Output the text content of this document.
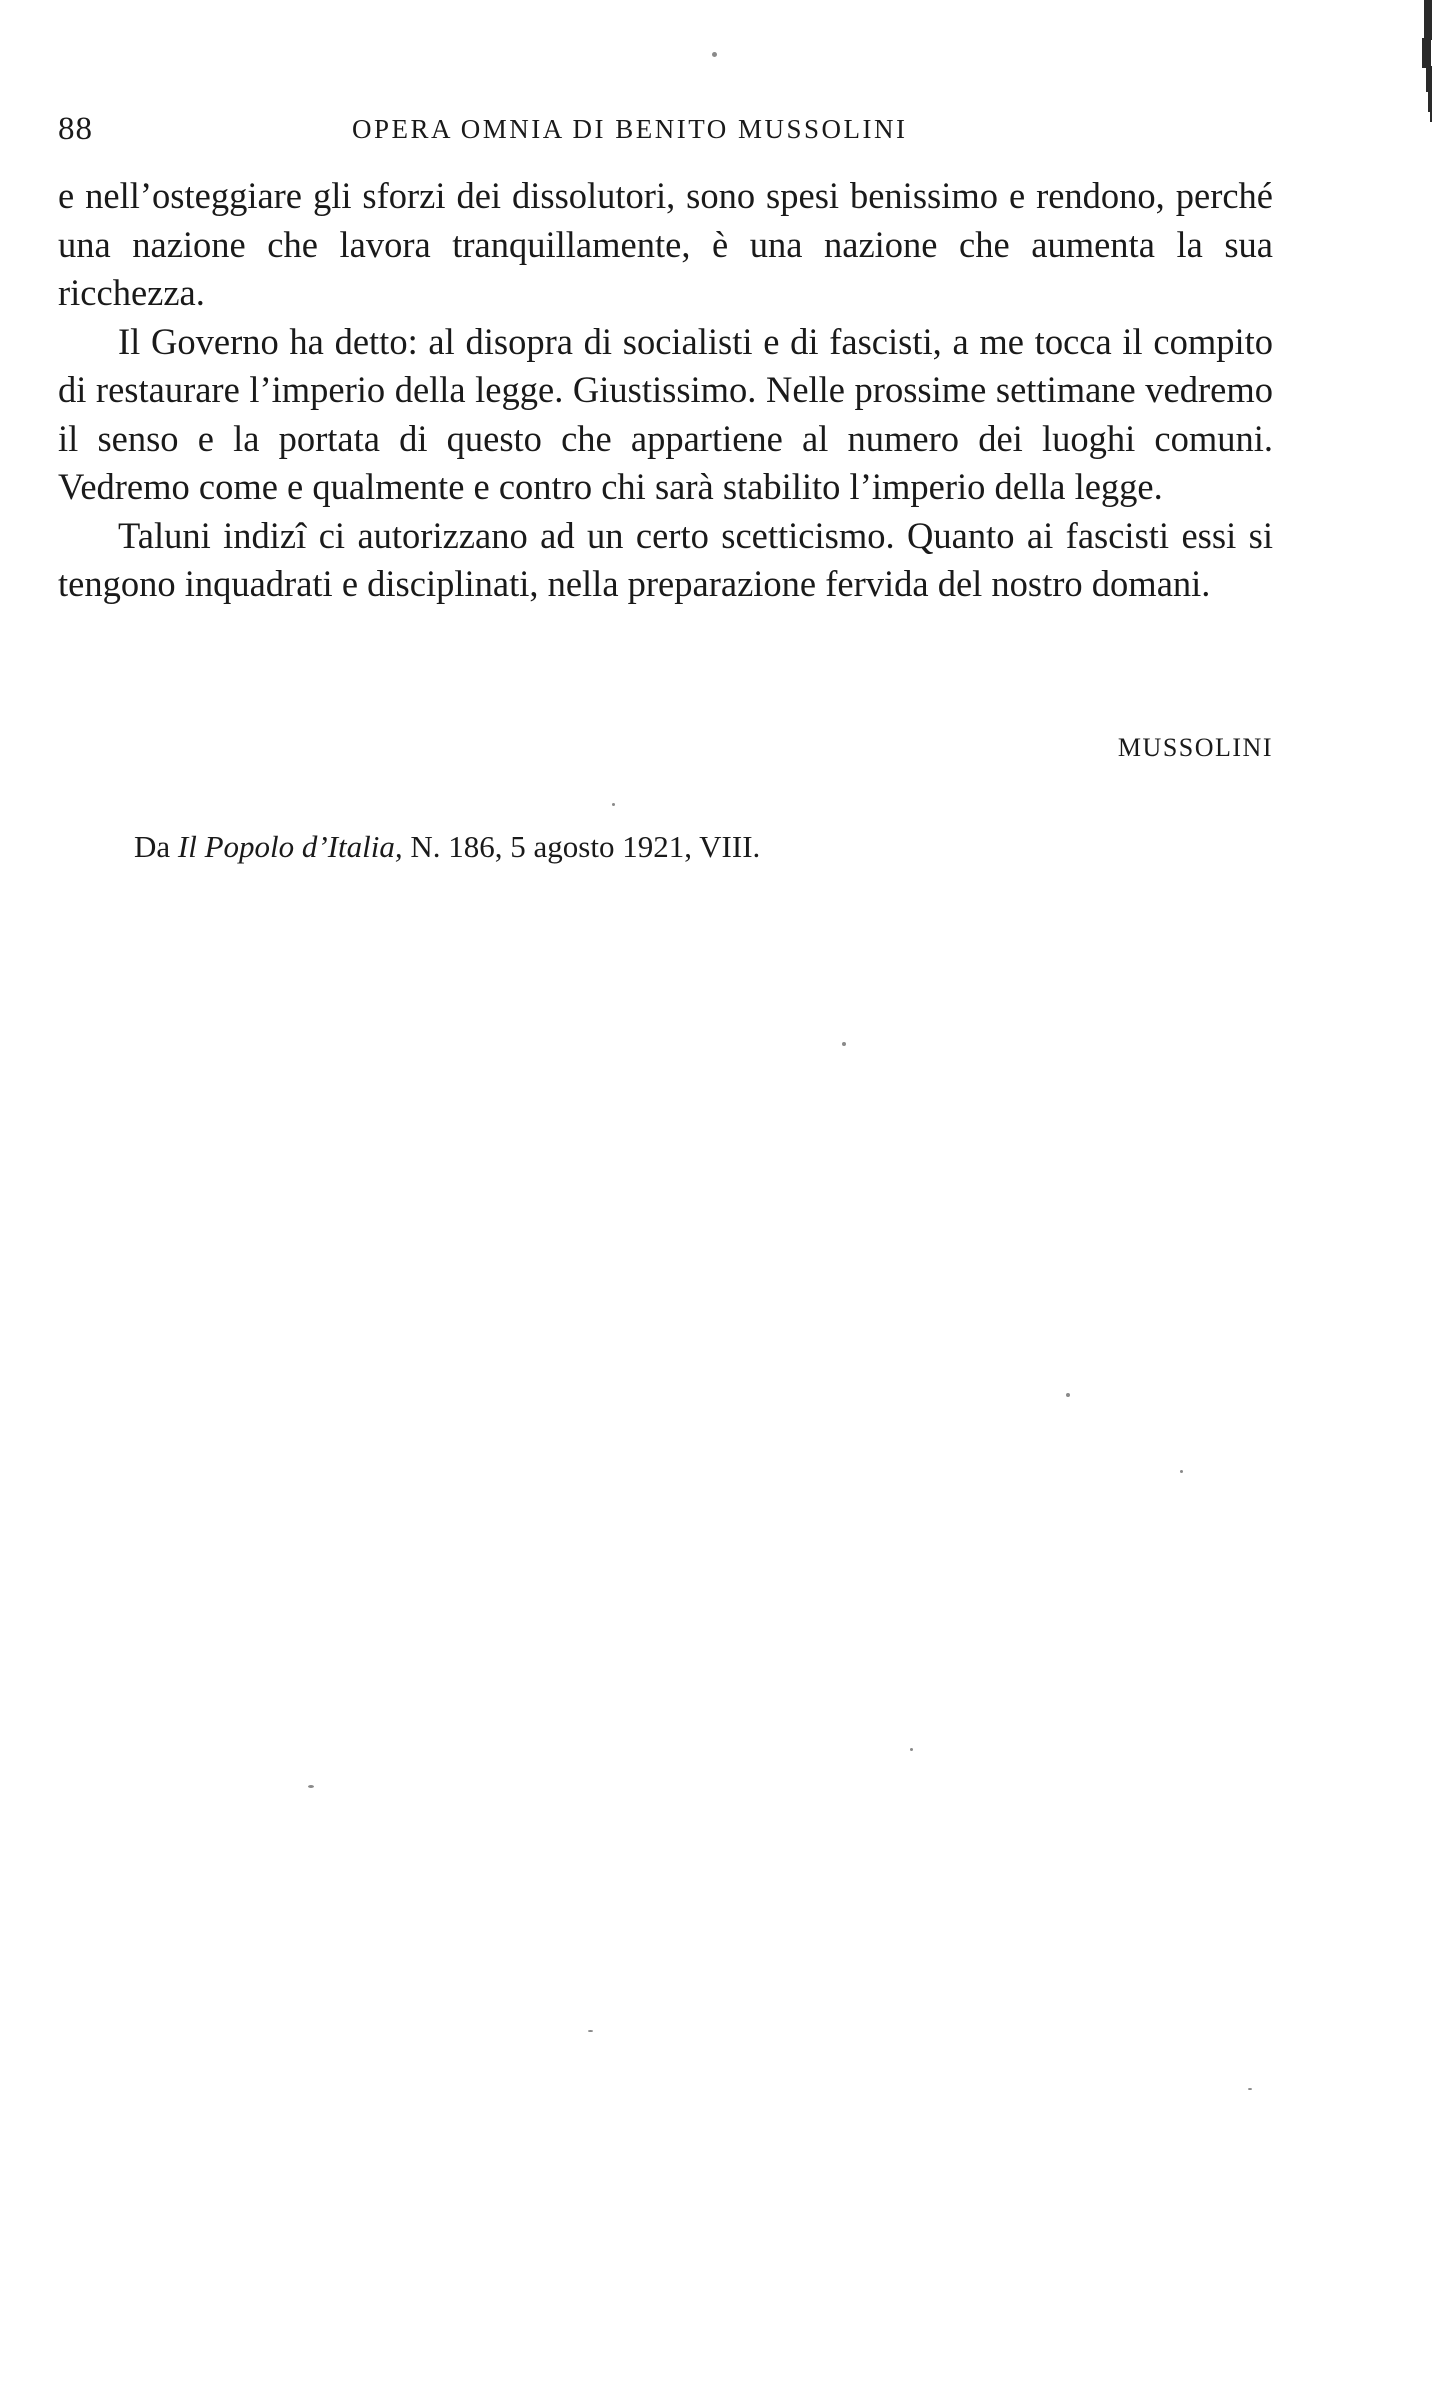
88	OPERA OMNIA DI BENITO MUSSOLINI

e nell’osteggiare gli sforzi dei dissolutori, sono spesi benissimo e rendono, perché una nazione che lavora tranquillamente, è una nazione che aumenta la sua ricchezza.

Il Governo ha detto: al disopra di socialisti e di fascisti, a me tocca il compito di restaurare l’imperio della legge. Giustissimo. Nelle prossime settimane vedremo il senso e la portata di questo che appartiene al numero dei luoghi comuni. Vedremo come e qualmente e contro chi sarà stabilito l’imperio della legge.

Taluni indizî ci autorizzano ad un certo scetticismo. Quanto ai fascisti essi si tengono inquadrati e disciplinati, nella preparazione fervida del nostro domani.

MUSSOLINI
Da Il Popolo d’Italia, N. 186, 5 agosto 1921, VIII.
